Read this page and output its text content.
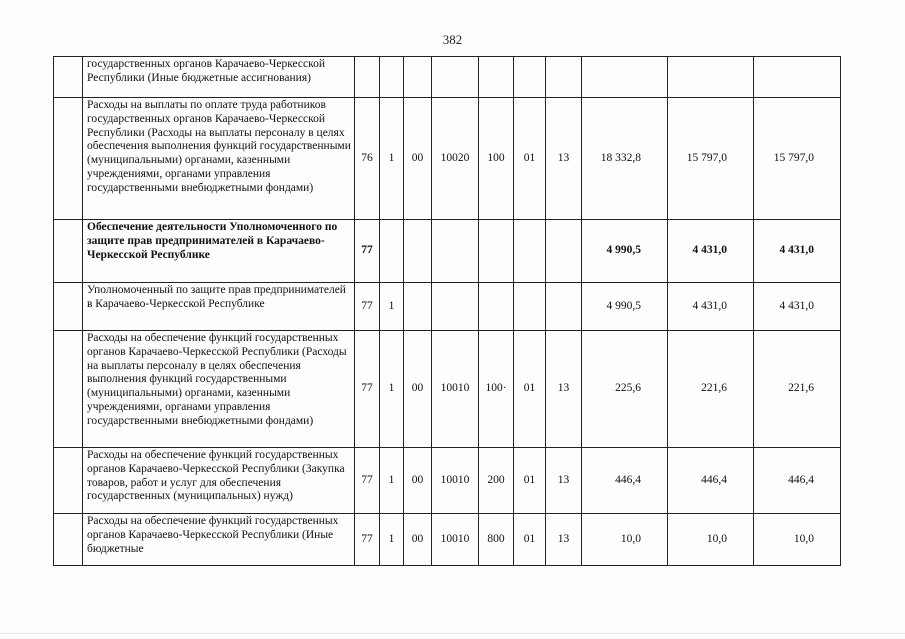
382
	государственных органов Карачаево-Черкесской Республики (Иные бюджетные ассигнования)										
	Расходы на выплаты по оплате труда работников государственных органов Карачаево-Черкесской Республики (Расходы на выплаты персоналу в целях обеспечения выполнения функций государственными (муниципальными) органами, казенными учреждениями, органами управления государственными внебюджетными фондами)	76	1	00	10020	100	01	13	18 332,8	15 797,0	15 797,0
	Обеспечение деятельности Уполномоченного по защите прав предпринимателей в Карачаево-Черкесской Республике	77							4 990,5	4 431,0	4 431,0
	Уполномоченный по защите прав предпринимателей в Карачаево-Черкесской Республике	77	1						4 990,5	4 431,0	4 431,0
	Расходы на обеспечение функций государственных органов Карачаево-Черкесской Республики (Расходы на выплаты персоналу в целях обеспечения выполнения функций государственными (муниципальными) органами, казенными учреждениями, органами управления государственными внебюджетными фондами)	77	1	00	10010	100·	01	13	225,6	221,6	221,6
	Расходы на обеспечение функций государственных органов Карачаево-Черкесской Республики (Закупка товаров, работ и услуг для обеспечения государственных (муниципальных) нужд)	77	1	00	10010	200	01	13	446,4	446,4	446,4
	Расходы на обеспечение функций государственных органов Карачаево-Черкесской Республики (Иные бюджетные	77	1	00	10010	800	01	13	10,0	10,0	10,0
